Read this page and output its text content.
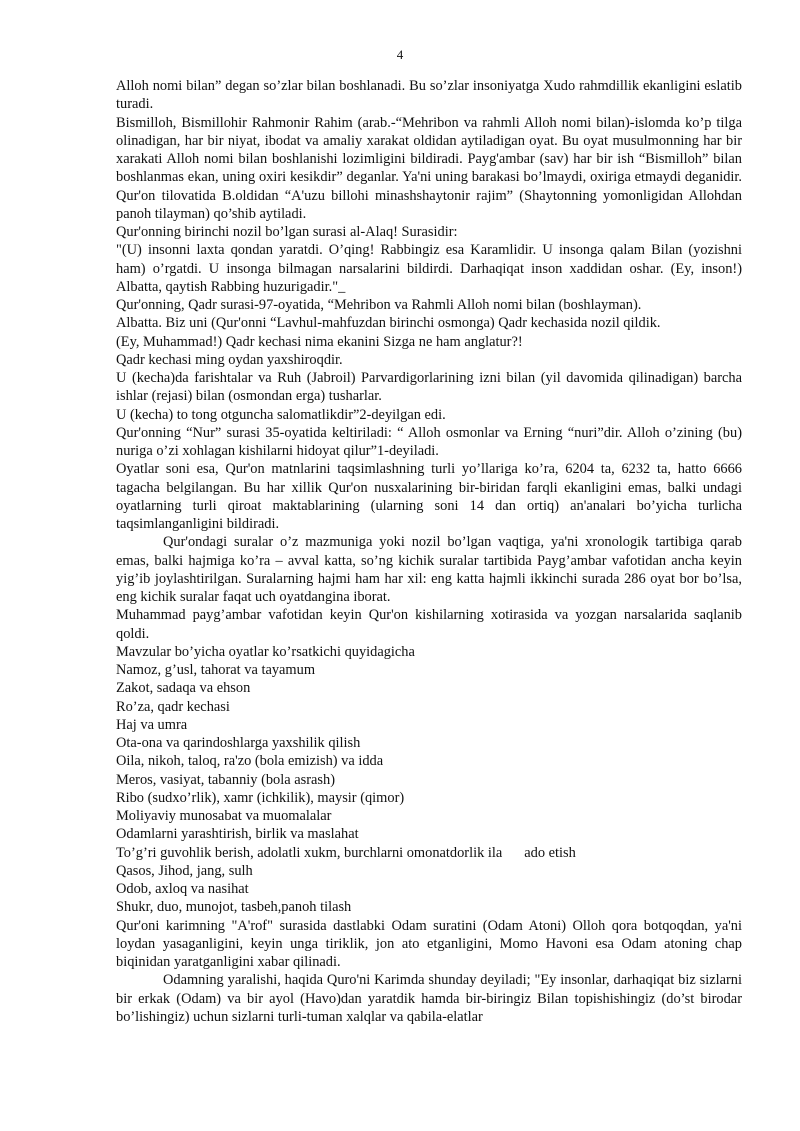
4

Alloh nomi bilan” degan so’zlar bilan boshlanadi. Bu so’zlar insoniyatga Xudo rahmdillik ekanligini eslatib turadi.

Bismilloh, Bismillohir Rahmonir Rahim (arab.-“Mehribon va rahmli Alloh nomi bilan)-islomda ko’p tilga olinadigan, har bir niyat, ibodat va amaliy xarakat oldidan aytiladigan oyat. Bu oyat musulmonning har bir xarakati Alloh nomi bilan boshlanishi lozimligini bildiradi. Payg'ambar (sav) har bir ish “Bismilloh” bilan boshlanmas ekan, uning oxiri kesikdir” deganlar. Ya'ni uning barakasi bo’lmaydi, oxiriga etmaydi deganidir. Qur'on tilovatida B.oldidan “A'uzu billohi minashshaytonir rajim” (Shaytonning yomonligidan Allohdan panoh tilayman) qo’shib aytiladi.

Qur'onning birinchi nozil bo’lgan surasi al-Alaq! Surasidir:

"(U) insonni laxta qondan yaratdi. O’qing! Rabbingiz esa Karamlidir. U insonga qalam Bilan (yozishni ham) o’rgatdi. U insonga bilmagan narsalarini bildirdi. Darhaqiqat inson xaddidan oshar. (Ey, inson!) Albatta, qaytish Rabbing huzurigadir."_

Qur'onning, Qadr surasi-97-oyatida, “Mehribon va Rahmli Alloh nomi bilan (boshlayman).

Albatta. Biz uni (Qur'onni “Lavhul-mahfuzdan birinchi osmonga) Qadr kechasida nozil qildik.

(Ey, Muhammad!) Qadr kechasi nima ekanini Sizga ne ham anglatur?!

Qadr kechasi ming oydan yaxshiroqdir.

U (kecha)da farishtalar va Ruh (Jabroil) Parvardigorlarining izni bilan (yil davomida qilinadigan) barcha ishlar (rejasi) bilan (osmondan erga) tusharlar.

U (kecha) to tong otguncha salomatlikdir”2-deyilgan edi.

Qur'onning “Nur” surasi 35-oyatida keltiriladi: “ Alloh osmonlar va Erning “nuri”dir. Alloh o’zining (bu) nuriga o’zi xohlagan kishilarni hidoyat qilur”1-deyiladi.

Oyatlar soni esa, Qur'on matnlarini taqsimlashning turli yo’llariga ko’ra, 6204 ta, 6232 ta, hatto 6666 tagacha belgilangan. Bu har xillik Qur'on nusxalarining bir-biridan farqli ekanligini emas, balki undagi oyatlarning turli qiroat maktablarining (ularning soni 14 dan ortiq) an'analari bo’yicha turlicha taqsimlanganligini bildiradi.

Qur'ondagi suralar o’z mazmuniga yoki nozil bo’lgan vaqtiga, ya'ni xronologik tartibiga qarab emas, balki hajmiga ko’ra – avval katta, so’ng kichik suralar tartibida Payg’ambar vafotidan ancha keyin yig’ib joylashtirilgan. Suralarning hajmi ham har xil: eng katta hajmli ikkinchi surada 286 oyat bor bo’lsa, eng kichik suralar faqat uch oyatdangina iborat.

Muhammad payg’ambar vafotidan keyin Qur'on kishilarning xotirasida va yozgan narsalarida saqlanib qoldi.

Mavzular bo’yicha oyatlar ko’rsatkichi quyidagicha

Namoz, g’usl, tahorat va tayamum

Zakot, sadaqa va ehson

Ro’za, qadr kechasi

Haj va umra

Ota-ona va qarindoshlarga yaxshilik qilish

Oila, nikoh, taloq, ra'zo (bola emizish) va idda

Meros, vasiyat, tabanniy (bola asrash)

Ribo (sudxo’rlik), xamr (ichkilik), maysir (qimor)

Moliyaviy munosabat va muomalalar

Odamlarni yarashtirish, birlik va maslahat

To’g’ri guvohlik berish, adolatli xukm, burchlarni omonatdorlik ila ado etish

Qasos, Jihod, jang, sulh

Odob, axloq va nasihat

Shukr, duo, munojot, tasbeh,panoh tilash

Qur'oni karimning "A'rof" surasida dastlabki Odam suratini (Odam Atoni) Olloh qora botqoqdan, ya'ni loydan yasaganligini, keyin unga tiriklik, jon ato etganligini, Momo Havoni esa Odam atoning chap biqinidan yaratganligini xabar qilinadi.

Odamning yaralishi, haqida Quro'ni Karimda shunday deyiladi; "Ey insonlar, darhaqiqat biz sizlarni bir erkak (Odam) va bir ayol (Havo)dan yaratdik hamda bir-biringiz Bilan topishishingiz (do’st birodar bo’lishingiz) uchun sizlarni turli-tuman xalqlar va qabila-elatlar
